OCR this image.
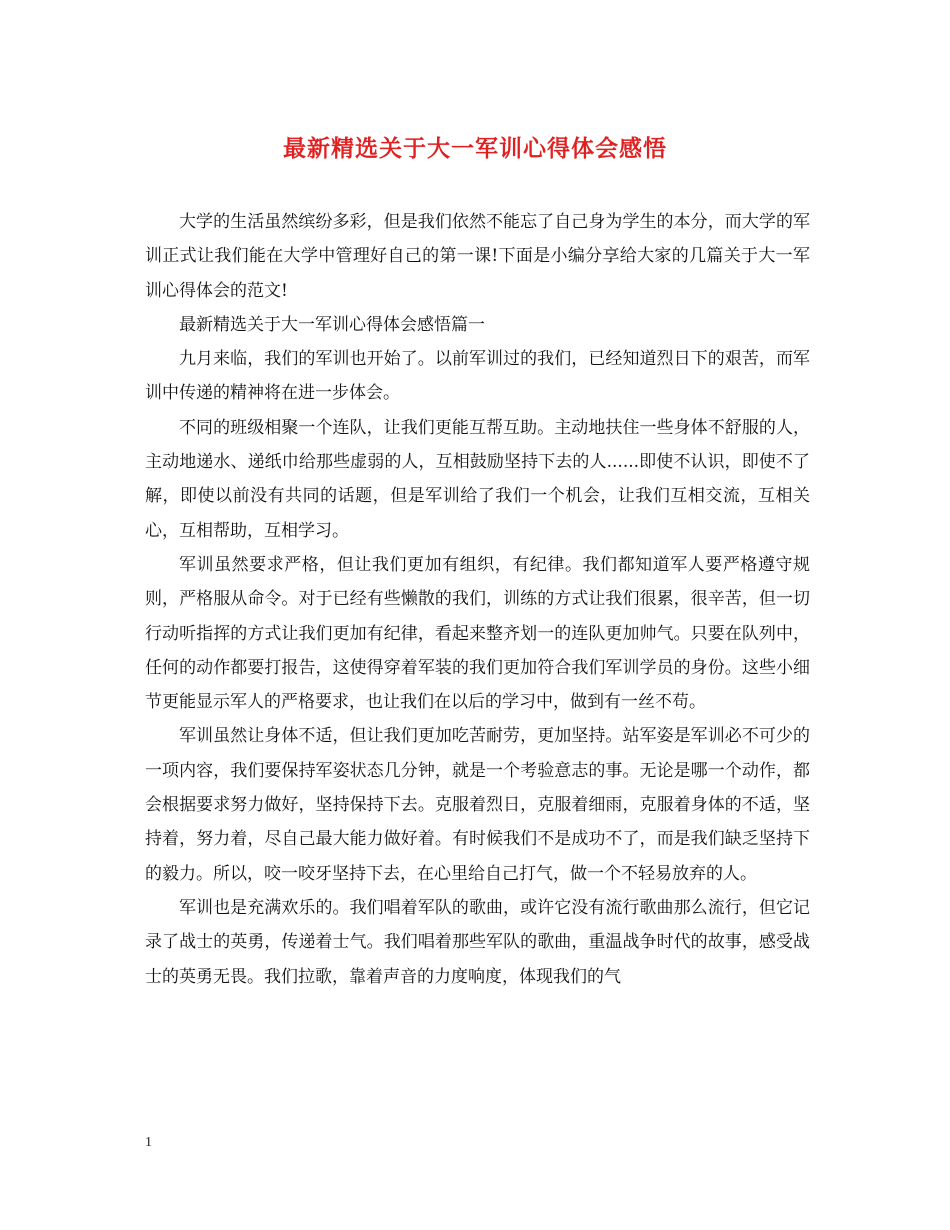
最新精选关于大一军训心得体会感悟

大学的生活虽然缤纷多彩，但是我们依然不能忘了自己身为学生的本分，而大学的军训正式让我们能在大学中管理好自己的第一课!下面是小编分享给大家的几篇关于大一军训心得体会的范文!

最新精选关于大一军训心得体会感悟篇一

九月来临，我们的军训也开始了。以前军训过的我们，已经知道烈日下的艰苦，而军训中传递的精神将在进一步体会。

不同的班级相聚一个连队，让我们更能互帮互助。主动地扶住一些身体不舒服的人，主动地递水、递纸巾给那些虚弱的人，互相鼓励坚持下去的人......即使不认识，即使不了解，即使以前没有共同的话题，但是军训给了我们一个机会，让我们互相交流，互相关心，互相帮助，互相学习。

军训虽然要求严格，但让我们更加有组织，有纪律。我们都知道军人要严格遵守规则，严格服从命令。对于已经有些懒散的我们，训练的方式让我们很累，很辛苦，但一切行动听指挥的方式让我们更加有纪律，看起来整齐划一的连队更加帅气。只要在队列中，任何的动作都要打报告，这使得穿着军装的我们更加符合我们军训学员的身份。这些小细节更能显示军人的严格要求，也让我们在以后的学习中，做到有一丝不苟。

军训虽然让身体不适，但让我们更加吃苦耐劳，更加坚持。站军姿是军训必不可少的一项内容，我们要保持军姿状态几分钟，就是一个考验意志的事。无论是哪一个动作，都会根据要求努力做好，坚持保持下去。克服着烈日，克服着细雨，克服着身体的不适，坚持着，努力着，尽自己最大能力做好着。有时候我们不是成功不了，而是我们缺乏坚持下的毅力。所以，咬一咬牙坚持下去，在心里给自己打气，做一个不轻易放弃的人。

军训也是充满欢乐的。我们唱着军队的歌曲，或许它没有流行歌曲那么流行，但它记录了战士的英勇，传递着士气。我们唱着那些军队的歌曲，重温战争时代的故事，感受战士的英勇无畏。我们拉歌，靠着声音的力度响度，体现我们的气

1
